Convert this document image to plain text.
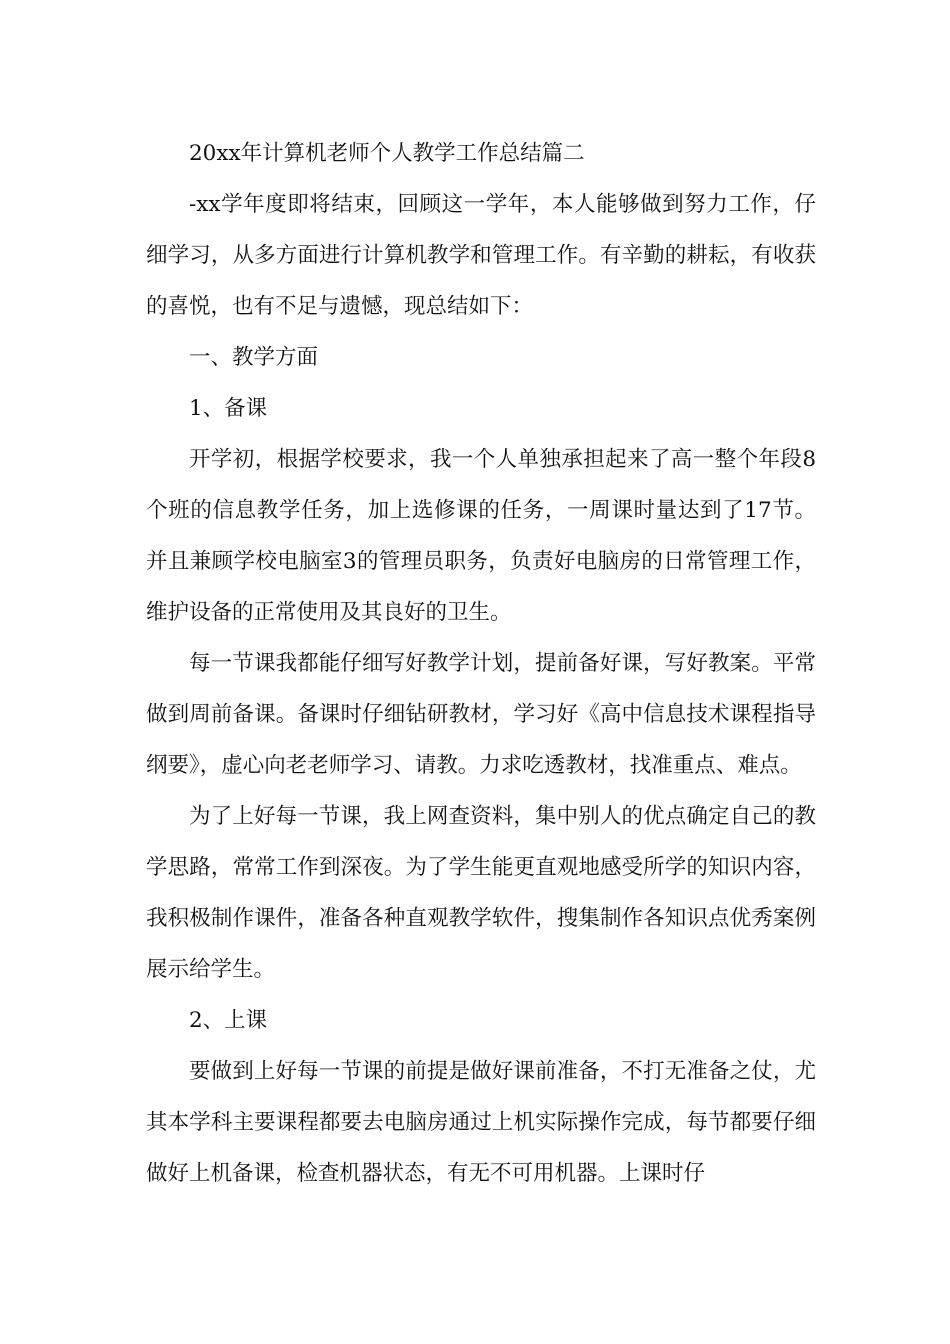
20xx年计算机老师个人教学工作总结篇二

-xx学年度即将结束，回顾这一学年，本人能够做到努力工作，仔细学习，从多方面进行计算机教学和管理工作。有辛勤的耕耘，有收获的喜悦，也有不足与遗憾，现总结如下：

一、教学方面

1、备课

开学初，根据学校要求，我一个人单独承担起来了高一整个年段8个班的信息教学任务，加上选修课的任务，一周课时量达到了17节。并且兼顾学校电脑室3的管理员职务，负责好电脑房的日常管理工作，维护设备的正常使用及其良好的卫生。

每一节课我都能仔细写好教学计划，提前备好课，写好教案。平常做到周前备课。备课时仔细钻研教材，学习好《高中信息技术课程指导纲要》，虚心向老老师学习、请教。力求吃透教材，找准重点、难点。

为了上好每一节课，我上网查资料，集中别人的优点确定自己的教学思路，常常工作到深夜。为了学生能更直观地感受所学的知识内容，我积极制作课件，准备各种直观教学软件，搜集制作各知识点优秀案例展示给学生。

2、上课

要做到上好每一节课的前提是做好课前准备，不打无准备之仗，尤其本学科主要课程都要去电脑房通过上机实际操作完成，每节都要仔细做好上机备课，检查机器状态，有无不可用机器。上课时仔
